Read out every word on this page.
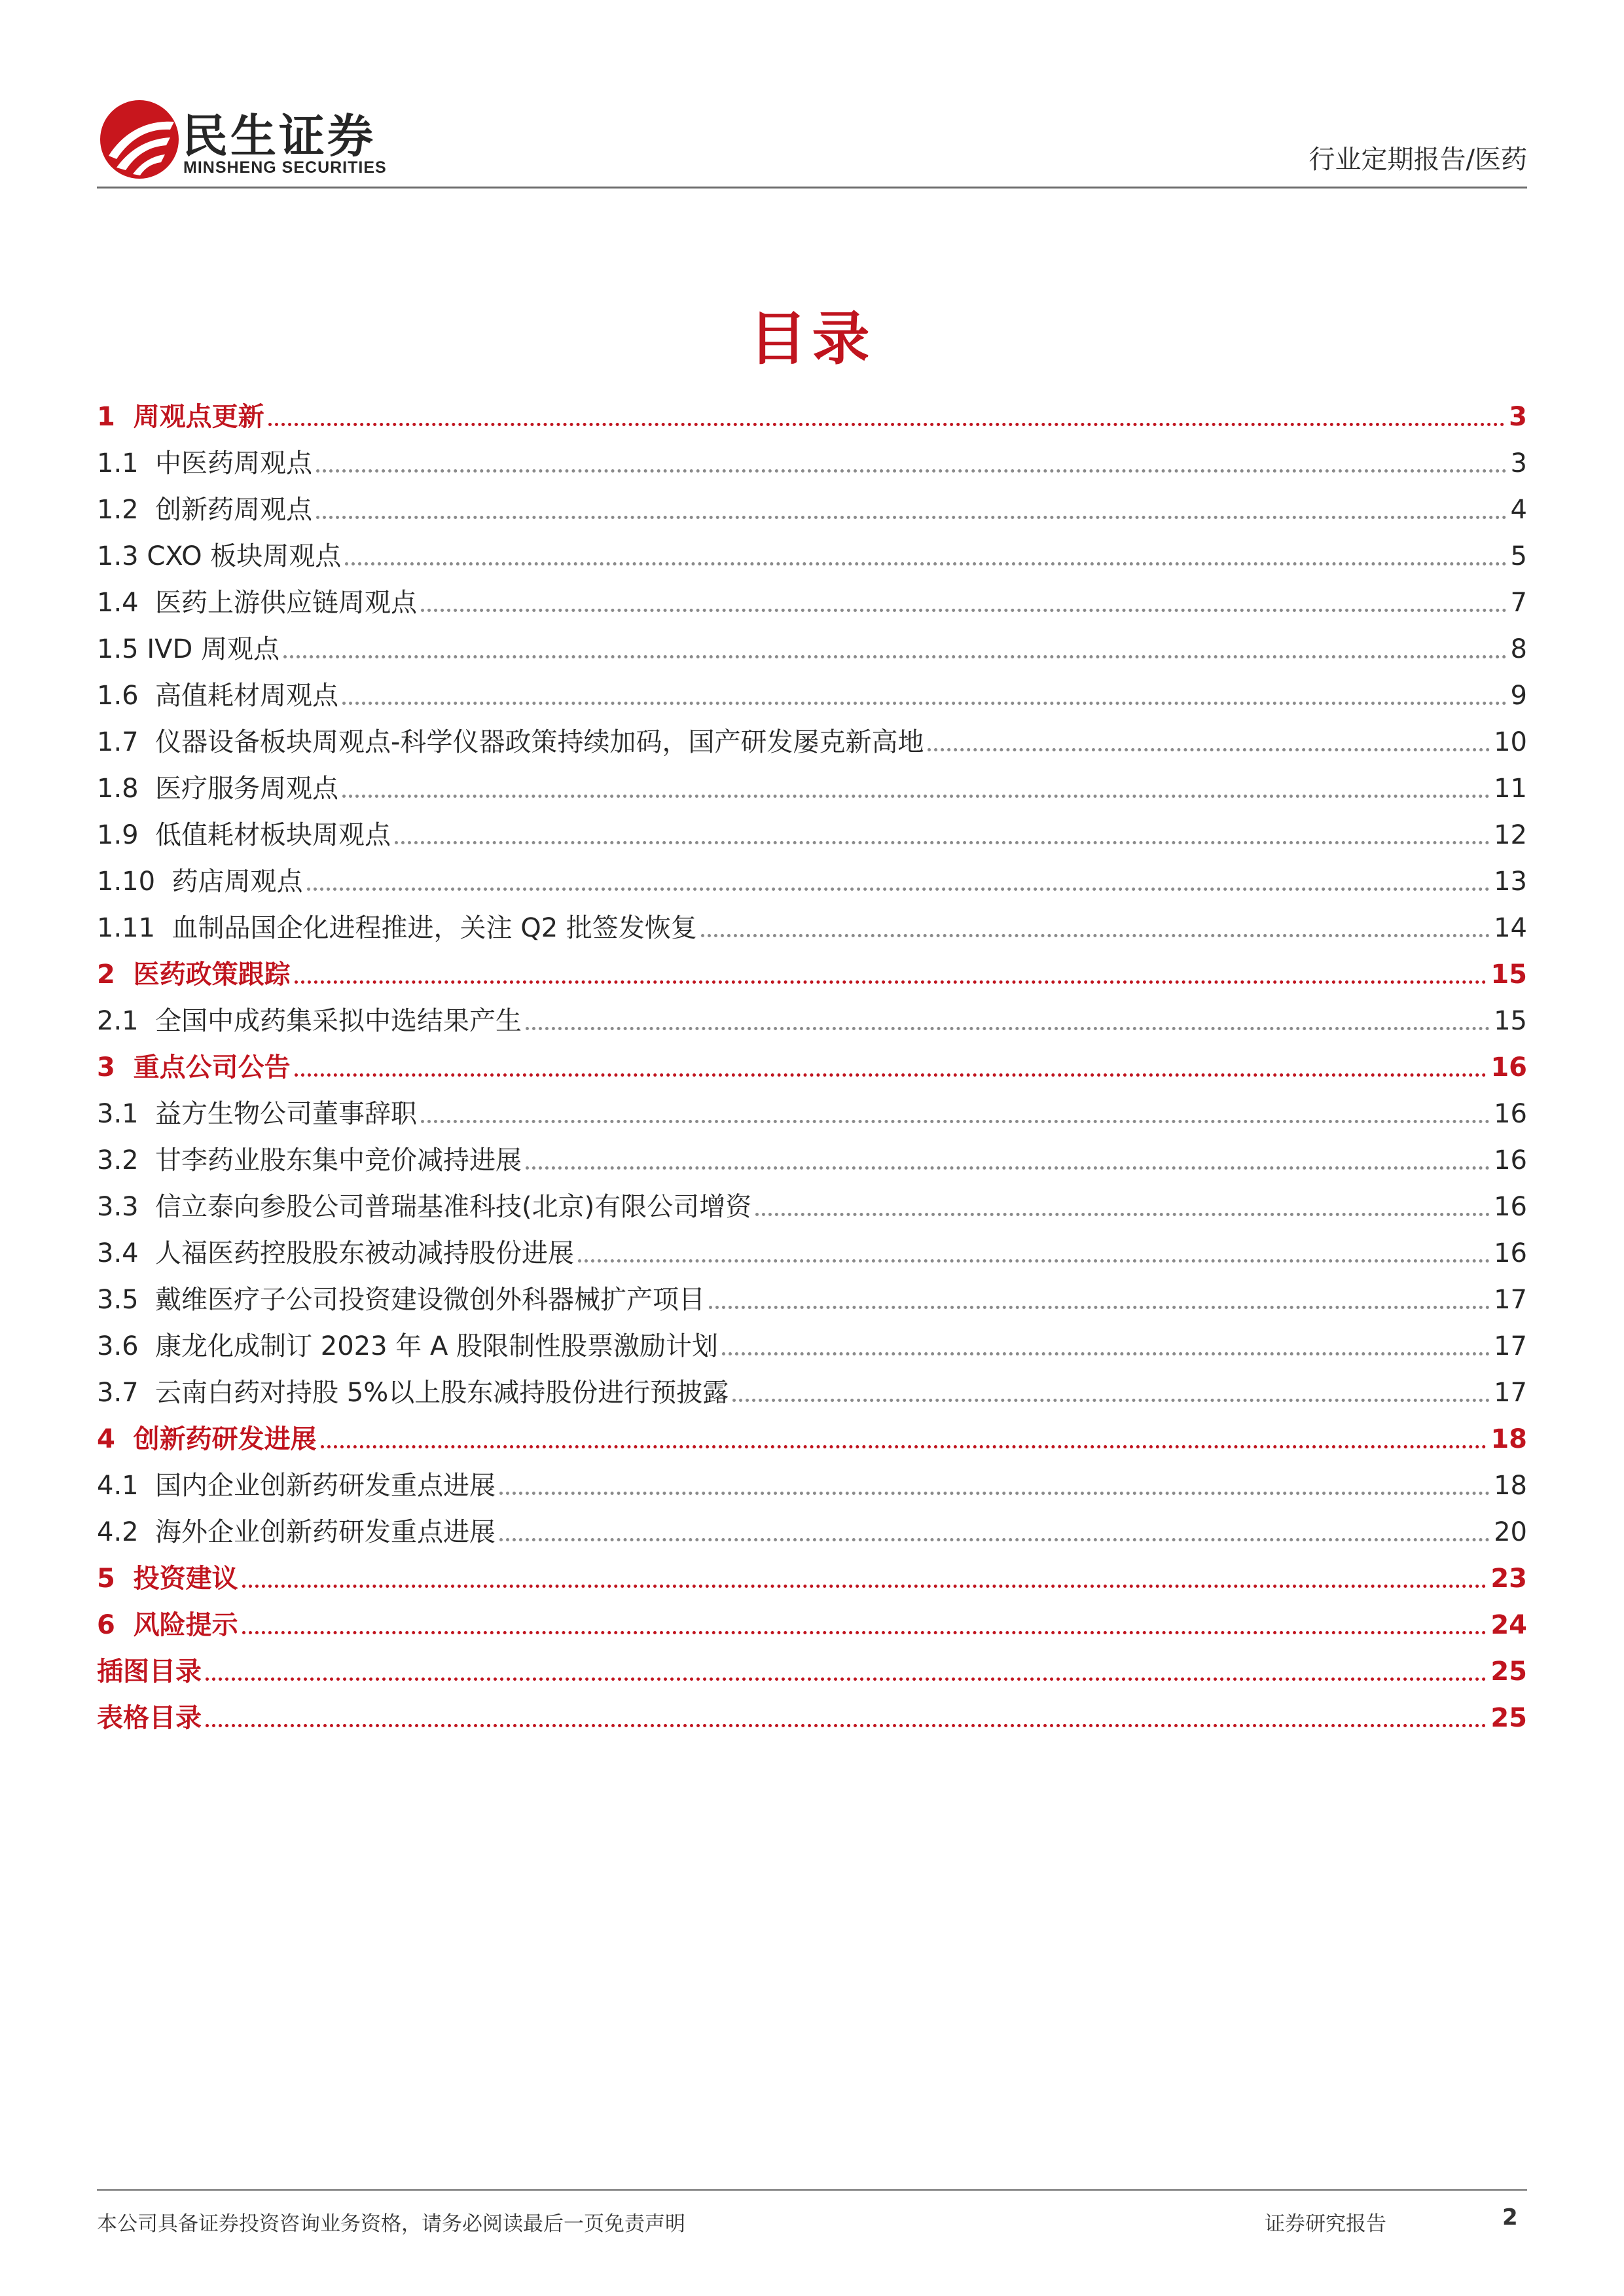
民生证券
MINSHENG SECURITIES	行业定期报告/医药
目录
1  周观点更新	3
1.1  中医药周观点	3
1.2  创新药周观点	4
1.3 CXO 板块周观点	5
1.4  医药上游供应链周观点	7
1.5 IVD 周观点	8
1.6  高值耗材周观点	9
1.7  仪器设备板块周观点-科学仪器政策持续加码，国产研发屡克新高地	10
1.8  医疗服务周观点	11
1.9  低值耗材板块周观点	12
1.10  药店周观点	13
1.11  血制品国企化进程推进，关注 Q2 批签发恢复	14
2  医药政策跟踪	15
2.1  全国中成药集采拟中选结果产生	15
3  重点公司公告	16
3.1  益方生物公司董事辞职	16
3.2  甘李药业股东集中竞价减持进展	16
3.3  信立泰向参股公司普瑞基准科技(北京)有限公司增资	16
3.4  人福医药控股股东被动减持股份进展	16
3.5  戴维医疗子公司投资建设微创外科器械扩产项目	17
3.6  康龙化成制订 2023 年 A 股限制性股票激励计划	17
3.7  云南白药对持股 5%以上股东减持股份进行预披露	17
4  创新药研发进展	18
4.1  国内企业创新药研发重点进展	18
4.2  海外企业创新药研发重点进展	20
5  投资建议	23
6  风险提示	24
插图目录	25
表格目录	25
本公司具备证券投资咨询业务资格，请务必阅读最后一页免责声明	证券研究报告	2
